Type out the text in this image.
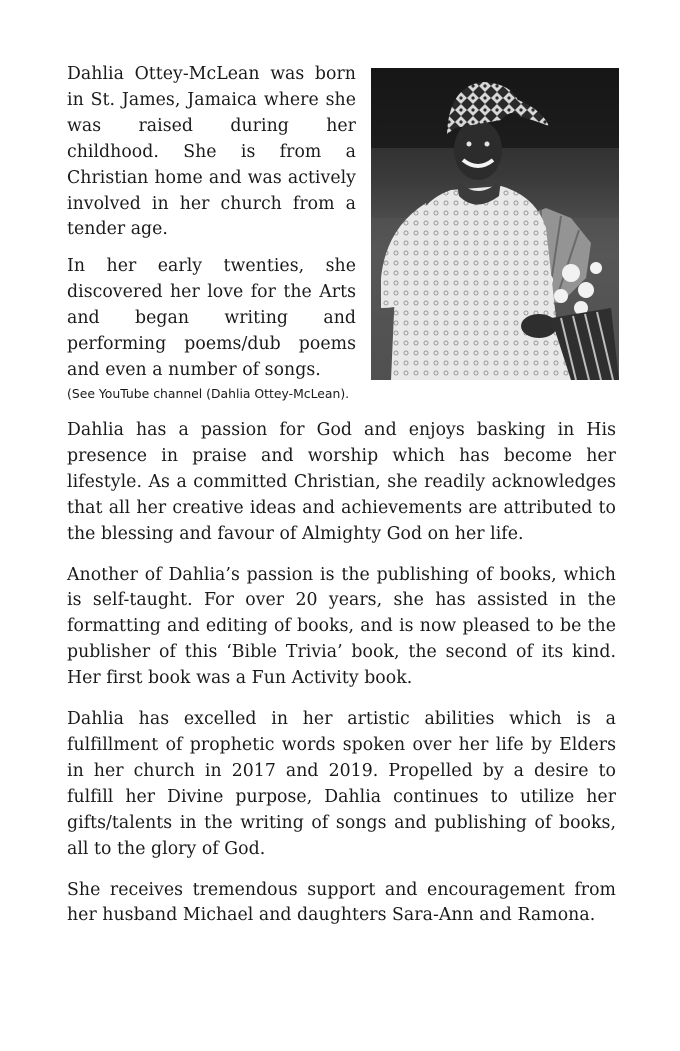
Dahlia Ottey-McLean was born in St. James, Jamaica where she was raised during her childhood. She is from a Christian home and was actively involved in her church from a tender age.

In her early twenties, she discovered her love for the Arts and began writing and performing poems/dub poems and even a number of songs.

(See YouTube channel (Dahlia Ottey-McLean).

Dahlia has a passion for God and enjoys basking in His presence in praise and worship which has become her lifestyle. As a committed Christian, she readily acknowledges that all her creative ideas and achievements are attributed to the blessing and favour of Almighty God on her life.

Another of Dahlia’s passion is the publishing of books, which is self-taught. For over 20 years, she has assisted in the formatting and editing of books, and is now pleased to be the publisher of this ‘Bible Trivia’ book, the second of its kind. Her first book was a Fun Activity book.

Dahlia has excelled in her artistic abilities which is a fulfillment of prophetic words spoken over her life by Elders in her church in 2017 and 2019. Propelled by a desire to fulfill her Divine purpose, Dahlia continues to utilize her gifts/talents in the writing of songs and publishing of books, all to the glory of God.

She receives tremendous support and encouragement from her husband Michael and daughters Sara-Ann and Ramona.
